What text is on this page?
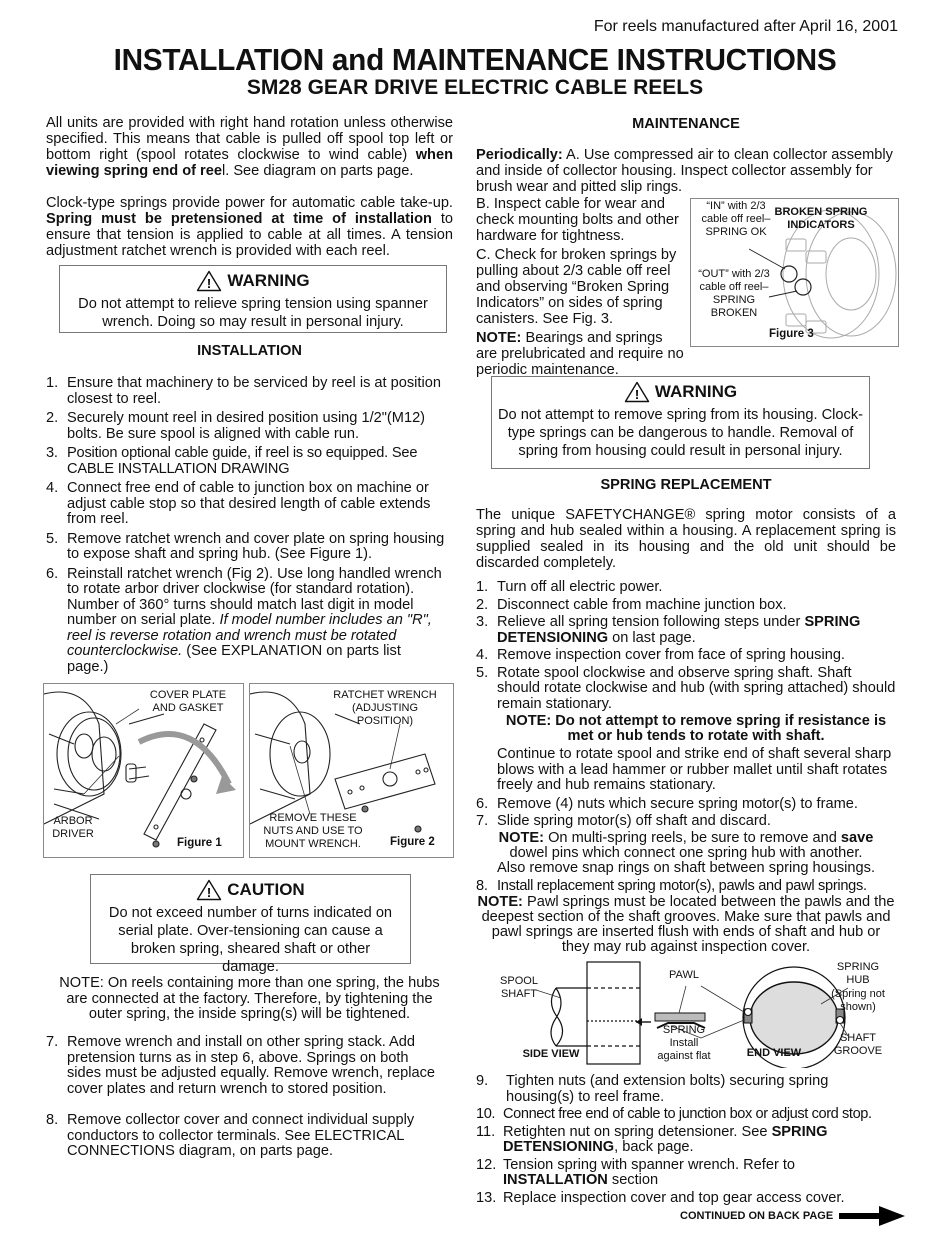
For reels manufactured after April 16, 2001
INSTALLATION and MAINTENANCE INSTRUCTIONS
SM28 GEAR DRIVE ELECTRIC CABLE REELS

All units are provided with right hand rotation unless otherwise specified. This means that cable is pulled off spool top left or bottom right (spool rotates clockwise to wind cable) when viewing spring end of reel. See diagram on parts page.

Clock-type springs provide power for automatic cable take-up. Spring must be pretensioned at time of installation to ensure that tension is applied to cable at all times. A tension adjustment ratchet wrench is provided with each reel.

! WARNING
Do not attempt to relieve spring tension using spanner wrench. Doing so may result in personal injury.
INSTALLATION
1. Ensure that machinery to be serviced by reel is at position closest to reel.
2. Securely mount reel in desired position using 1/2"(M12) bolts. Be sure spool is aligned with cable run.
3. Position optional cable guide, if reel is so equipped. See CABLE INSTALLATION DRAWING
4. Connect free end of cable to junction box on machine or adjust cable stop so that desired length of cable extends from reel.
5. Remove ratchet wrench and cover plate on spring housing to expose shaft and spring hub. (See Figure 1).
6. Reinstall ratchet wrench (Fig 2). Use long handled wrench to rotate arbor driver clockwise (for standard rotation). Number of 360° turns should match last digit in model number on serial plate. If model number includes an "R", reel is reverse rotation and wrench must be rotated counterclockwise. (See EXPLANATION on parts list page.)
COVER PLATE AND GASKET
ARBOR DRIVER
Figure 1
RATCHET WRENCH (ADJUSTING POSITION)
REMOVE THESE NUTS AND USE TO MOUNT WRENCH.	Figure 2
! CAUTION
Do not exceed number of turns indicated on serial plate. Over-tensioning can cause a broken spring, sheared shaft or other damage.
NOTE: On reels containing more than one spring, the hubs are connected at the factory. Therefore, by tightening the outer spring, the inside spring(s) will be tightened.
7. Remove wrench and install on other spring stack. Add pretension turns as in step 6, above. Springs on both sides must be adjusted equally. Remove wrench, replace cover plates and return wrench to stored position.
8. Remove collector cover and connect individual supply conductors to collector terminals. See ELECTRICAL CONNECTIONS diagram, on parts page.
MAINTENANCE

Periodically: A. Use compressed air to clean collector assembly and inside of collector housing. Inspect collector assembly for brush wear and pitted slip rings.

B. Inspect cable for wear and check mounting bolts and other hardware for tightness.

C. Check for broken springs by pulling about 2/3 cable off reel and observing “Broken Spring Indicators” on sides of spring canisters. See Fig. 3.

NOTE: Bearings and springs are prelubricated and require no periodic maintenance.

“IN” with 2/3 cable off reel– SPRING OK
BROKEN SPRING INDICATORS
“OUT” with 2/3 cable off reel– SPRING BROKEN
Figure 3
! WARNING
Do not attempt to remove spring from its housing. Clock-type springs can be dangerous to handle. Removal of spring from housing could result in personal injury.
SPRING REPLACEMENT

The unique SAFETYCHANGE® spring motor consists of a spring and hub sealed within a housing. A replacement spring is supplied sealed in its housing and the old unit should be discarded completely.

1. Turn off all electric power.
2. Disconnect cable from machine junction box.
3. Relieve all spring tension following steps under SPRING DETENSIONING on last page.
4. Remove inspection cover from face of spring housing.
5. Rotate spool clockwise and observe spring shaft. Shaft should rotate clockwise and hub (with spring attached) should remain stationary.
NOTE: Do not attempt to remove spring if resistance is met or hub tends to rotate with shaft.
Continue to rotate spool and strike end of shaft several sharp blows with a lead hammer or rubber mallet until shaft rotates freely and hub remains stationary.
6. Remove (4) nuts which secure spring motor(s) to frame.
7. Slide spring motor(s) off shaft and discard.
NOTE: On multi-spring reels, be sure to remove and save dowel pins which connect one spring hub with another. Also remove snap rings on shaft between spring housings.
8. Install replacement spring motor(s), pawls and pawl springs.
NOTE: Pawl springs must be located between the pawls and the deepest section of the shaft grooves. Make sure that pawls and pawl springs are inserted flush with ends of shaft and hub or they may rub against inspection cover.
SPOOL SHAFT
SIDE VIEW
PAWL
SPRING
Install against flat	END VIEW
SPRING HUB
(Spring not shown)
SHAFT GROOVE
9. Tighten nuts (and extension bolts) securing spring housing(s) to reel frame.
10. Connect free end of cable to junction box or adjust cord stop.
11. Retighten nut on spring detensioner. See SPRING DETENSIONING, back page.
12. Tension spring with spanner wrench. Refer to INSTALLATION section
13. Replace inspection cover and top gear access cover.
CONTINUED ON BACK PAGE
